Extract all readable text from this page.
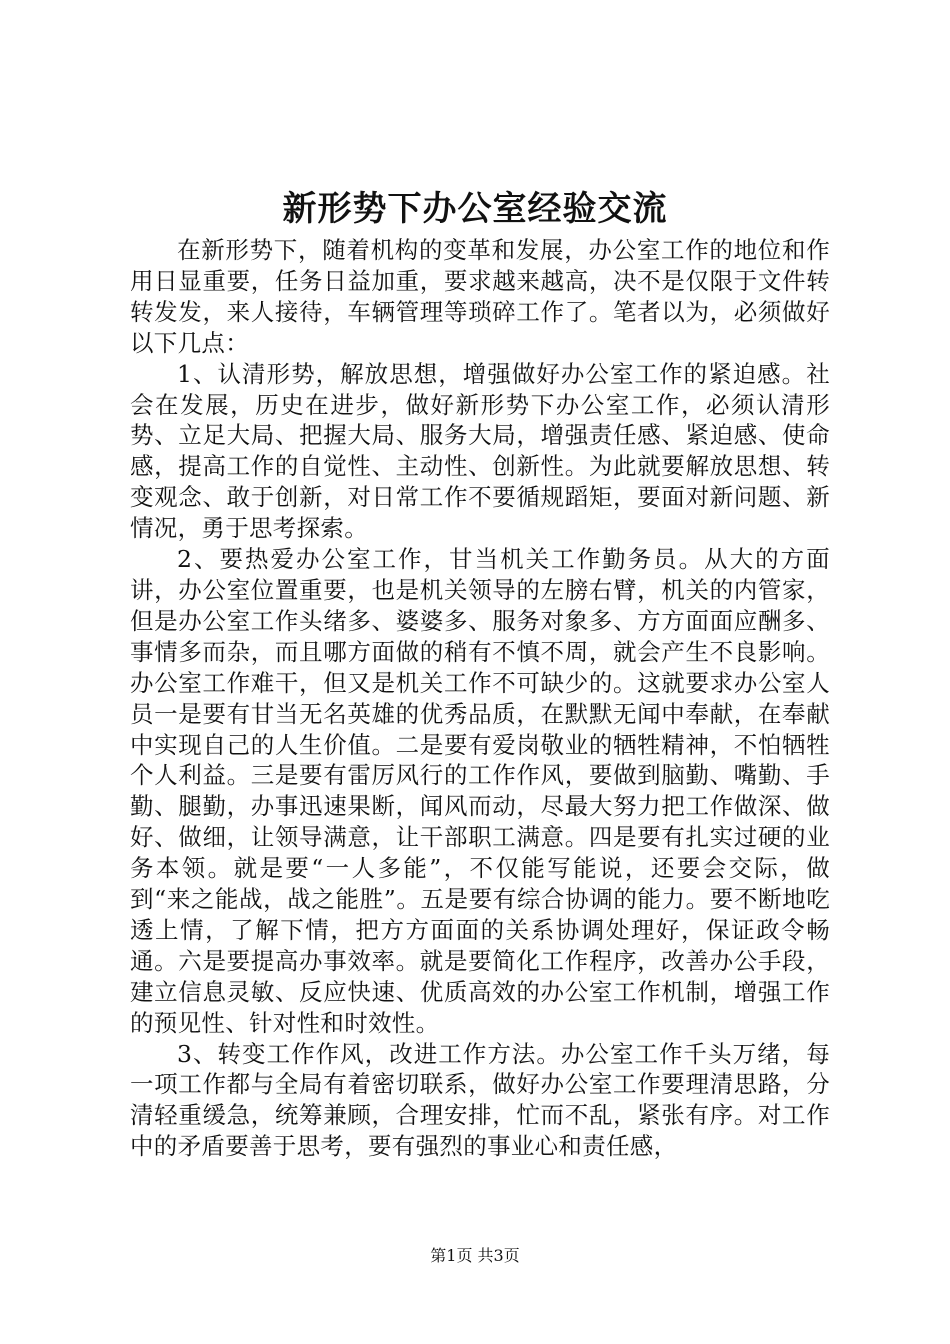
新形势下办公室经验交流

在新形势下，随着机构的变革和发展，办公室工作的地位和作用日显重要，任务日益加重，要求越来越高，决不是仅限于文件转转发发，来人接待，车辆管理等琐碎工作了。笔者以为，必须做好以下几点：

1、认清形势，解放思想，增强做好办公室工作的紧迫感。社会在发展，历史在进步，做好新形势下办公室工作，必须认清形势、立足大局、把握大局、服务大局，增强责任感、紧迫感、使命感，提高工作的自觉性、主动性、创新性。为此就要解放思想、转变观念、敢于创新，对日常工作不要循规蹈矩，要面对新问题、新情况，勇于思考探索。

2、要热爱办公室工作，甘当机关工作勤务员。从大的方面讲，办公室位置重要，也是机关领导的左膀右臂，机关的内管家，但是办公室工作头绪多、婆婆多、服务对象多、方方面面应酬多、事情多而杂，而且哪方面做的稍有不慎不周，就会产生不良影响。办公室工作难干，但又是机关工作不可缺少的。这就要求办公室人员一是要有甘当无名英雄的优秀品质，在默默无闻中奉献，在奉献中实现自己的人生价值。二是要有爱岗敬业的牺牲精神，不怕牺牲个人利益。三是要有雷厉风行的工作作风，要做到脑勤、嘴勤、手勤、腿勤，办事迅速果断，闻风而动，尽最大努力把工作做深、做好、做细，让领导满意，让干部职工满意。四是要有扎实过硬的业务本领。就是要“一人多能”，不仅能写能说，还要会交际，做到“来之能战，战之能胜”。五是要有综合协调的能力。要不断地吃透上情，了解下情，把方方面面的关系协调处理好，保证政令畅通。六是要提高办事效率。就是要简化工作程序，改善办公手段，建立信息灵敏、反应快速、优质高效的办公室工作机制，增强工作的预见性、针对性和时效性。

3、转变工作作风，改进工作方法。办公室工作千头万绪，每一项工作都与全局有着密切联系，做好办公室工作要理清思路，分清轻重缓急，统筹兼顾，合理安排，忙而不乱，紧张有序。对工作中的矛盾要善于思考，要有强烈的事业心和责任感，

第1页 共3页
